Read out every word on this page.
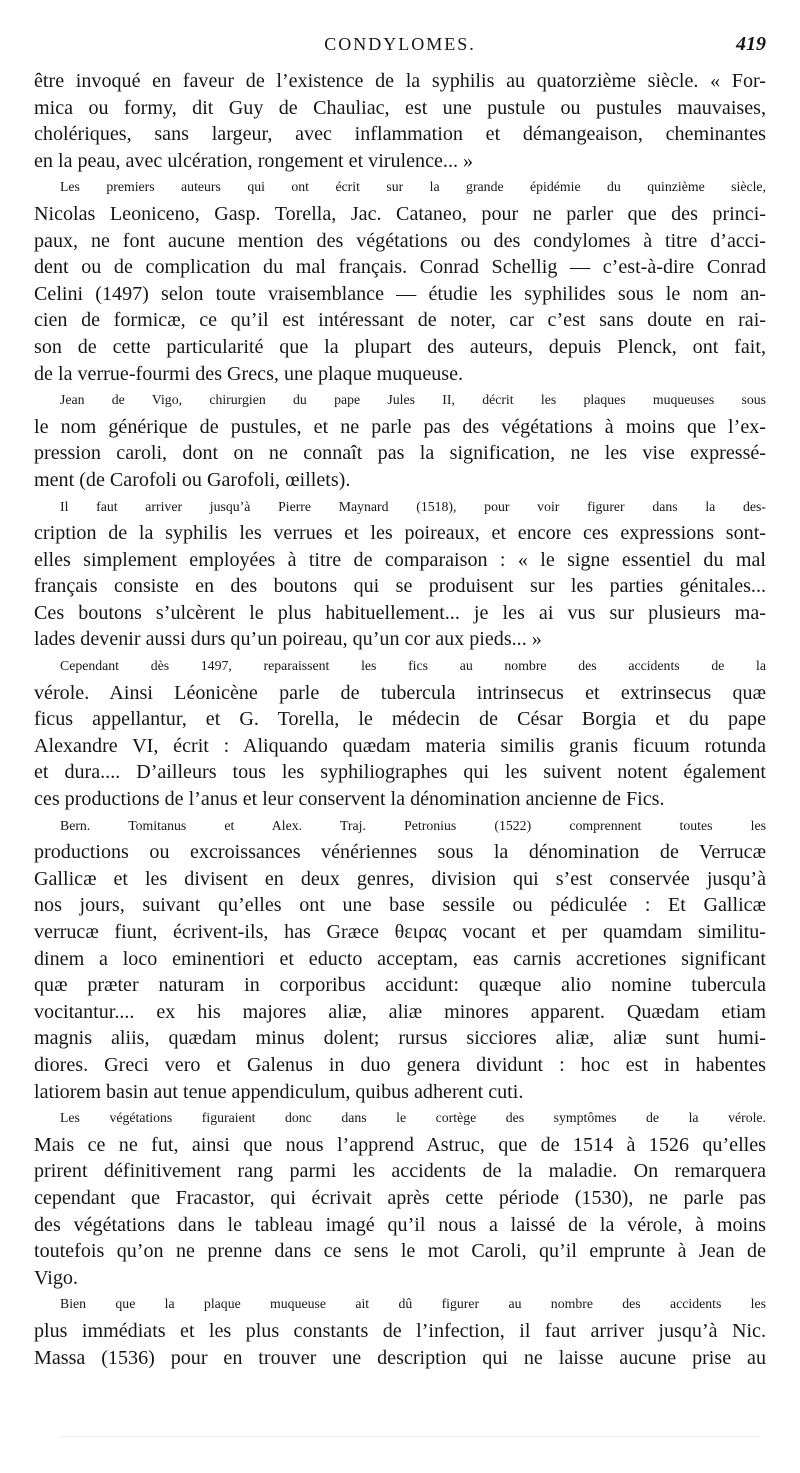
CONDYLOMES.	419
être invoqué en faveur de l’existence de la syphilis au quatorzième siècle. « For-
mica ou formy, dit Guy de Chauliac, est une pustule ou pustules mauvaises,
cholériques, sans largeur, avec inflammation et démangeaison, cheminantes
en la peau, avec ulcération, rongement et virulence... »
Les premiers auteurs qui ont écrit sur la grande épidémie du quinzième siècle,
Nicolas Leoniceno, Gasp. Torella, Jac. Cataneo, pour ne parler que des princi-
paux, ne font aucune mention des végétations ou des condylomes à titre d’acci-
dent ou de complication du mal français. Conrad Schellig — c’est-à-dire Conrad
Celini (1497) selon toute vraisemblance — étudie les syphilides sous le nom an-
cien de formicæ, ce qu’il est intéressant de noter, car c’est sans doute en rai-
son de cette particularité que la plupart des auteurs, depuis Plenck, ont fait,
de la verrue-fourmi des Grecs, une plaque muqueuse.
Jean de Vigo, chirurgien du pape Jules II, décrit les plaques muqueuses sous
le nom générique de pustules, et ne parle pas des végétations à moins que l’ex-
pression caroli, dont on ne connaît pas la signification, ne les vise expressé-
ment (de Carofoli ou Garofoli, œillets).
Il faut arriver jusqu’à Pierre Maynard (1518), pour voir figurer dans la des-
cription de la syphilis les verrues et les poireaux, et encore ces expressions sont-
elles simplement employées à titre de comparaison : « le signe essentiel du mal
français consiste en des boutons qui se produisent sur les parties génitales...
Ces boutons s’ulcèrent le plus habituellement... je les ai vus sur plusieurs ma-
lades devenir aussi durs qu’un poireau, qu’un cor aux pieds... »
Cependant dès 1497, reparaissent les fics au nombre des accidents de la
vérole. Ainsi Léonicène parle de tubercula intrinsecus et extrinsecus quæ
ficus appellantur, et G. Torella, le médecin de César Borgia et du pape
Alexandre VI, écrit : Aliquando quædam materia similis granis ficuum rotunda
et dura.... D’ailleurs tous les syphiliographes qui les suivent notent également
ces productions de l’anus et leur conservent la dénomination ancienne de Fics.
Bern. Tomitanus et Alex. Traj. Petronius (1522) comprennent toutes les
productions ou excroissances vénériennes sous la dénomination de Verrucæ
Gallicæ et les divisent en deux genres, division qui s’est conservée jusqu’à
nos jours, suivant qu’elles ont une base sessile ou pédiculée : Et Gallicæ
verrucæ fiunt, écrivent-ils, has Græce θειρας vocant et per quamdam similitu-
dinem a loco eminentiori et educto acceptam, eas carnis accretiones significant
quæ præter naturam in corporibus accidunt: quæque alio nomine tubercula
vocitantur.... ex his majores aliæ, aliæ minores apparent. Quædam etiam
magnis aliis, quædam minus dolent; rursus sicciores aliæ, aliæ sunt humi-
diores. Greci vero et Galenus in duo genera dividunt : hoc est in habentes
latiorem basin aut tenue appendiculum, quibus adherent cuti.
Les végétations figuraient donc dans le cortège des symptômes de la vérole.
Mais ce ne fut, ainsi que nous l’apprend Astruc, que de 1514 à 1526 qu’elles
prirent définitivement rang parmi les accidents de la maladie. On remarquera
cependant que Fracastor, qui écrivait après cette période (1530), ne parle pas
des végétations dans le tableau imagé qu’il nous a laissé de la vérole, à moins
toutefois qu’on ne prenne dans ce sens le mot Caroli, qu’il emprunte à Jean de
Vigo.
Bien que la plaque muqueuse ait dû figurer au nombre des accidents les
plus immédiats et les plus constants de l’infection, il faut arriver jusqu’à Nic.
Massa (1536) pour en trouver une description qui ne laisse aucune prise au
